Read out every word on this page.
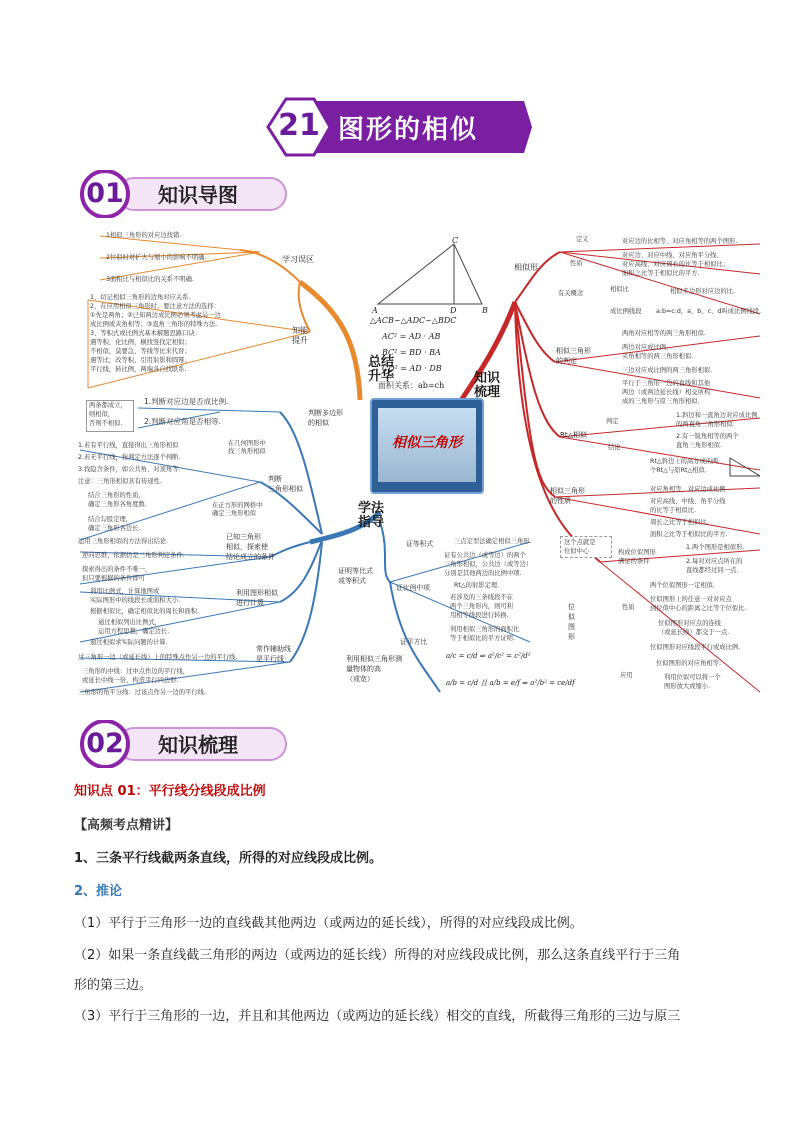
21 图形的相似
01	知识导图
C
A	D	B
△ACB∽△ADC∽△BDC
AC² = AD · AB
BC² = BD · BA
CD² = AD · DB
面积关系：ab=ch
相似三角形
总结
升华	知识
梳理
学法
指导
学习误区
1相似三角形的对应边找错.
2位似时対扩大与缩小的影响不明确.
3面积比与相似比的关系不明确.
知能
提升
1、切记相似三角形的边角对应关系.
2、在应用相似三角形时，要注意方法的选择：
①先是两角；②已知两边成比例必须考虑另一边
成比例或夹角相等；③直角三角形的特殊方法.
3、等积式或比例式基本解题思路口诀：
遇等积，化比例，横找竖找定相似；
不相似，莫要急，等线等比来代替；
遇等比，改等积，引用射影和圆幂；
平行线，转比例，两端各自找联系.
两条都成立，
则相似，
否则不相似.
1.判断对应边是否成比例.
2.判断对应角是否相等.
判断多边形
的相似
判断
三角形相似
在几何图形中
找三角形相似
在正方形的网格中
确定三角形相似
1.若有平行线，直接得出三角形相似
2.若无平行线，按判定方法逐个判断.
3.找隐含条件，如公共角、对顶角等.
注意：三角形相似具有传递性.
结合三角形的性质，
确定三角形各角度数.
结合勾股定理，
确定三角形各边长.
运用三角形相似的方法得出结论.
已知三角形
相似，探索使
结论成立的条件
逆向思维，依据仍是三角形判定条件.
探索得出的条件不唯一，
但只要根据的条件即可
利用图形相似
进行计算
利用比例式，计算地图或
实际图形中的线段长或面积大小.
根据相似比，确定相似比的周长和面积.
通过相似列出比例式，
运用方程思想，确定边长.
通过相似求实际问题的计算.
常作辅助线
是平行线
过三角形一边（或延长线）上的特殊点作另一边的平行线.
三角形的中线：过中点作边的平行线，
或延长中线一倍，构造平行四边形.
三角形的角平分线：过该点作另一边的平行线.
证明等比式
或等积式
证等积式
证比例中项
证平方比
三点定型法确定相似三角形.
证有公共边（或等边）的两个
三角形相似，公共边（或等边）
分别是其他两边的比例中项.
Rt△的射影定理.
若涉及的三条线段不在
两个三角形内，则可利
用相等线段进行转换.
利用相似三角形的面积比
等于相似比的平方证明.
a/c = c/d ⇒ a²/c² = c²/d²
a/b = c/d 且 a/b = e/f ⇒ a²/b² = ce/df
利用相似三角形测
量物体的高
（或宽）
相似形
定义	对应边的比相等、对应角相等的两个图形.
性质
对应边、对应中线、对应角平分线、
对应高线、对应周长的比等于相似比；
面积之比等于相似比的平方.
有关概念
相似比	相似多边形对应边的比.
成比例线段 a:b=c:d，a、b、c、d叫成比例线段.
相似三角形
的判定
两角对应相等的两三角形相似.
两边对应成比例，
夹角相等的两三角形相似.
三边对应成比例的两三角形相似.
平行于三角形一边的直线和其他
两边（或两边延长线）相交所构
成的三角形与原三角形相似.
Rt△相似
判定
结论
1.斜边和一直角边对应成比例
的两直角三角形相似.
2.有一锐角相等的两个
直角三角形相似.
Rt△斜边上的高分成的两
个Rt△与原Rt△相似.
相似三角形
的性质
对应角相等，对应边成比例
对应高线、中线、角平分线
的比等于相似比.
周长之比等于相似比.
面积之比等于相似比的平方.
这个点就是
位似中心
位
似
图
形
构成位似图形
满足的条件
1.两个图形是相似形.
2.每对对应点所在的
直线都经过同一点.
性质
两个位似图形一定相似.
位似图形上的任意一对对应点
到位似中心的距离之比等于位似比.
位似图形对应点的连线
（或延长线）都交于一点.
位似图形对应线段平行或成比例.
位似图形的对应角相等.
应用	利用位似可以将一个
图形放大或缩小.
02	知识梳理
知识点 01：平行线分线段成比例
【高频考点精讲】
1、三条平行线截两条直线，所得的对应线段成比例。
2、推论
（1）平行于三角形一边的直线截其他两边（或两边的延长线），所得的对应线段成比例。
（2）如果一条直线截三角形的两边（或两边的延长线）所得的对应线段成比例，那么这条直线平行于三角
形的第三边。
（3）平行于三角形的一边，并且和其他两边（或两边的延长线）相交的直线，所截得三角形的三边与原三
